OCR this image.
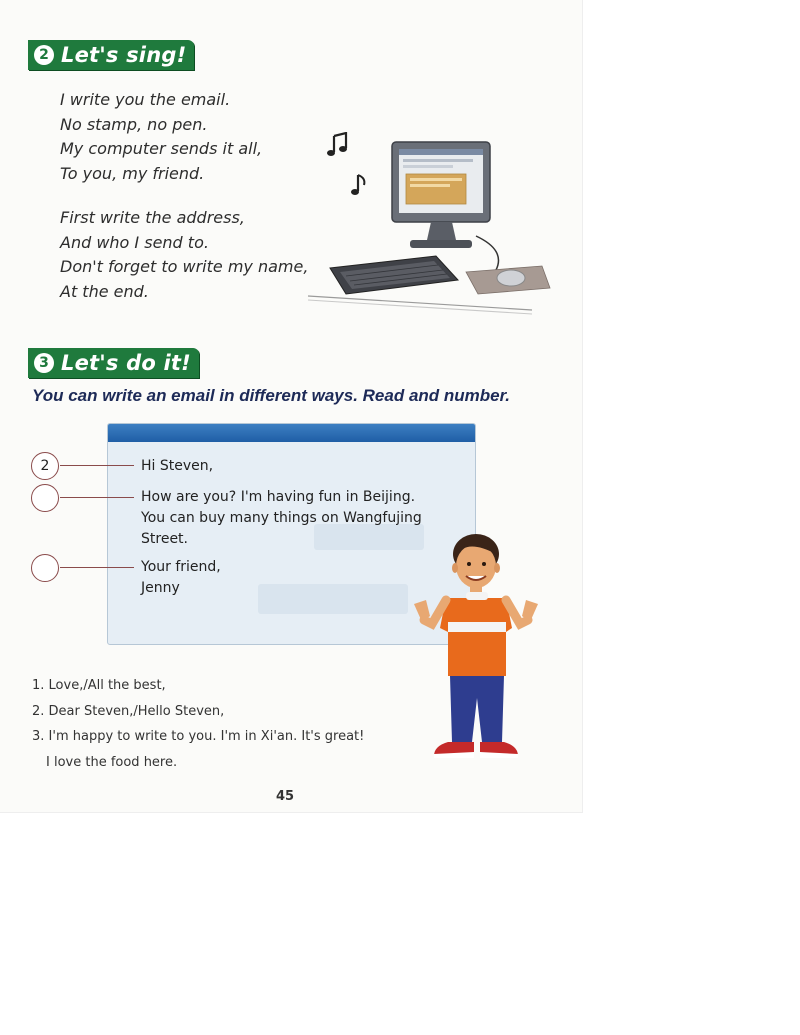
2 Let's sing!
I write you the email.
No stamp, no pen.
My computer sends it all,
To you, my friend.
First write the address,
And who I send to.
Don't forget to write my name,
At the end.
3 Let's do it!
You can write an email in different ways. Read and number.
2	Hi Steven,
How are you? I'm having fun in Beijing.
You can buy many things on Wangfujing
Street.
Your friend,
Jenny
1. Love,/All the best,
2. Dear Steven,/Hello Steven,
3. I'm happy to write to you. I'm in Xi'an. It's great!
I love the food here.
45
